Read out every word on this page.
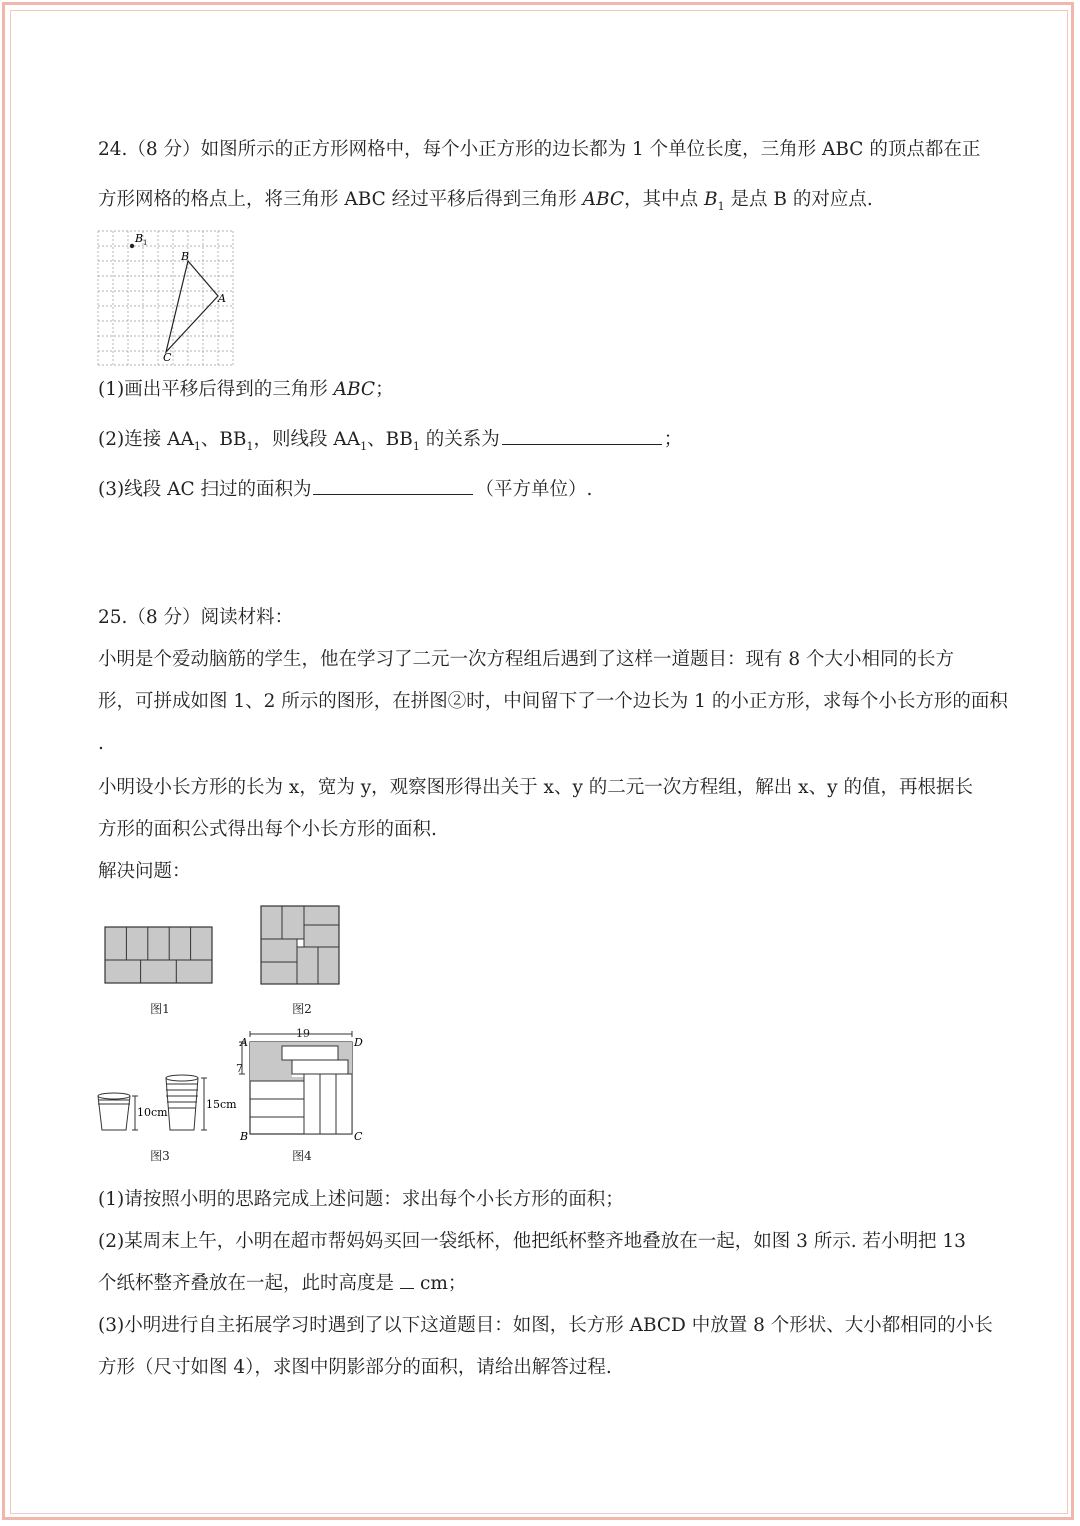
24.（8 分）如图所示的正方形网格中，每个小正方形的边长都为 1 个单位长度，三角形 ABC 的顶点都在正
方形网格的格点上，将三角形 ABC 经过平移后得到三角形 ABC，其中点 $B_1$ 是点 B 的对应点.
B 1
B
A
C
(1)画出平移后得到的三角形 ABC；
(2)连接 $AA_1$、$BB_1$，则线段 $AA_1$、$BB_1$ 的关系为	；
(3)线段 AC 扫过的面积为	（平方单位）.
25.（8 分）阅读材料：
小明是个爱动脑筋的学生，他在学习了二元一次方程组后遇到了这样一道题目：现有 8 个大小相同的长方
形，可拼成如图 1、2 所示的图形，在拼图②时，中间留下了一个边长为 1 的小正方形，求每个小长方形的面积
.
小明设小长方形的长为 x，宽为 y，观察图形得出关于 x、y 的二元一次方程组，解出 x、y 的值，再根据长
方形的面积公式得出每个小长方形的面积.
解决问题：
图1	图2
10cm
15cm
图3
19
7
A	D
B	C
图4
(1)请按照小明的思路完成上述问题：求出每个小长方形的面积；
(2)某周末上午，小明在超市帮妈妈买回一袋纸杯，他把纸杯整齐地叠放在一起，如图 3 所示. 若小明把 13
个纸杯整齐叠放在一起，此时高度是 cm；
(3)小明进行自主拓展学习时遇到了以下这道题目：如图，长方形 ABCD 中放置 8 个形状、大小都相同的小长
方形（尺寸如图 4），求图中阴影部分的面积，请给出解答过程.
